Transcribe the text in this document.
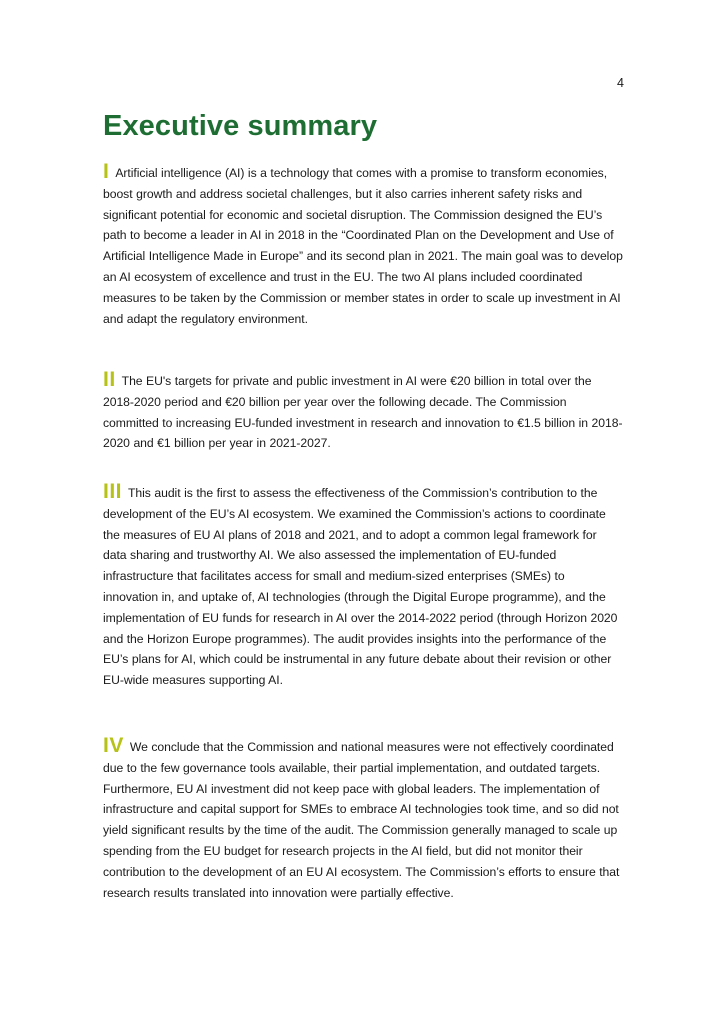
4
Executive summary

I Artificial intelligence (AI) is a technology that comes with a promise to transform economies, boost growth and address societal challenges, but it also carries inherent safety risks and significant potential for economic and societal disruption. The Commission designed the EU’s path to become a leader in AI in 2018 in the “Coordinated Plan on the Development and Use of Artificial Intelligence Made in Europe” and its second plan in 2021. The main goal was to develop an AI ecosystem of excellence and trust in the EU. The two AI plans included coordinated measures to be taken by the Commission or member states in order to scale up investment in AI and adapt the regulatory environment.

II The EU's targets for private and public investment in AI were €20 billion in total over the 2018-2020 period and €20 billion per year over the following decade. The Commission committed to increasing EU-funded investment in research and innovation to €1.5 billion in 2018-2020 and €1 billion per year in 2021-2027.

III This audit is the first to assess the effectiveness of the Commission’s contribution to the development of the EU’s AI ecosystem. We examined the Commission’s actions to coordinate the measures of EU AI plans of 2018 and 2021, and to adopt a common legal framework for data sharing and trustworthy AI. We also assessed the implementation of EU-funded infrastructure that facilitates access for small and medium-sized enterprises (SMEs) to innovation in, and uptake of, AI technologies (through the Digital Europe programme), and the implementation of EU funds for research in AI over the 2014-2022 period (through Horizon 2020 and the Horizon Europe programmes). The audit provides insights into the performance of the EU’s plans for AI, which could be instrumental in any future debate about their revision or other EU-wide measures supporting AI.

IV We conclude that the Commission and national measures were not effectively coordinated due to the few governance tools available, their partial implementation, and outdated targets. Furthermore, EU AI investment did not keep pace with global leaders. The implementation of infrastructure and capital support for SMEs to embrace AI technologies took time, and so did not yield significant results by the time of the audit. The Commission generally managed to scale up spending from the EU budget for research projects in the AI field, but did not monitor their contribution to the development of an EU AI ecosystem. The Commission’s efforts to ensure that research results translated into innovation were partially effective.
